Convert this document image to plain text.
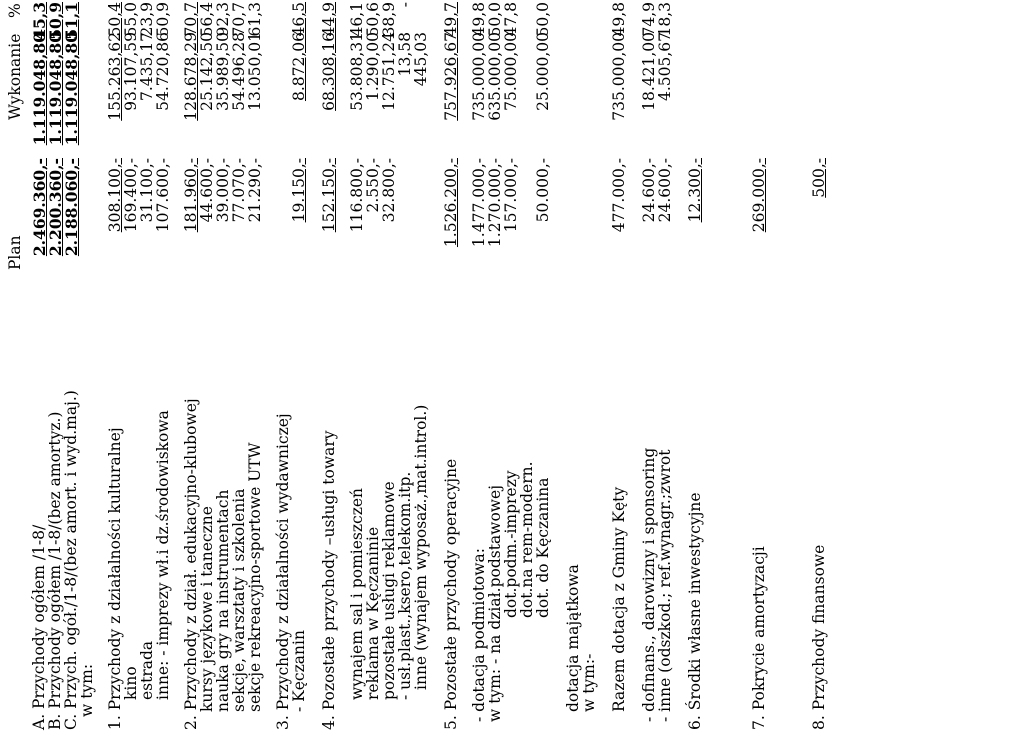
Plan
Wykonanie
%
A. Przychody ogółem /1-8/
2.469.360,-
1.119.048,80
45,3
B. Przychody ogółem /1-8/(bez amortyz.)
2.200.360,-
1.119.048,80
50,9
C. Przych. ogół./1-8/(bez amort. i wyd.maj.)
2.188.060,-
1.119.048,80
51,1
w tym: 1. Przychody z działalności kulturalnej
308.100,-
155.263,62
50,4
kino
169.400,-
93.107,59
55,0
estrada
31.100,-
7.435,17
23,9
inne: - imprezy wł.i dz.środowiskowa
107.600,-
54.720,86
50,9
2. Przychody z dział. edukacyjno-klubowej
181.960,-
128.678,29
70,7
kursy językowe i taneczne
44.600,-
25.142,50
56,4
nauka gry na instrumentach
39.000,-
35.989,50
92,3
sekcje, warsztaty i szkolenia
77.070,-
54.496,28
70,7
sekcje rekreacyjno-sportowe UTW
21.290,-
13.050,01
61,3
3. Przychody z działalności wydawniczej
- Kęczanin
19.150,-
8.872,06
46,5
4. Pozostałe przychody –usługi towary
152.150,-
68.308,16
44,9
wynajem sal i pomieszczeń
116.800,-
53.808,31
46,1
reklama w Kęczaninie
2.550,-
1.290,00
50,6
pozostałe usługi reklamowe
32.800,-
12.751,24
38,9
- usł.plast.,ksero,telekom.itp.
13,58
-
inne (wynajem wyposaż.,mat.introl.)
445,03
5. Pozostałe przychody operacyjne
1.526.200,-
757.926,67
49,7
- dotacja podmiotowa:
1.477.000,-
735.000,00
49,8
w tym: - na dział.podstawowej
1.270.000,-
635.000,00
50,0
dot.podm.-imprezy
157.000,-
75.000,00
47,8
dot.na rem-modern.
dot. do Kęczanina
50.000,-
25.000,00
50,0
dotacja majątkowa
w tym:- Razem dotacja z Gminy Kęty
477.000,-
735.000,00
49,8
- dofinans., darowizny i sponsoring
24.600,-
18.421,00
74,9
- inne (odszkod.; ref.wynagr.;zwrot
24.600,-
4.505,67
18,3
6. Środki własne inwestycyjne
12.300,-
7. Pokrycie amortyzacji
269.000,-
8. Przychody finansowe
500,-
